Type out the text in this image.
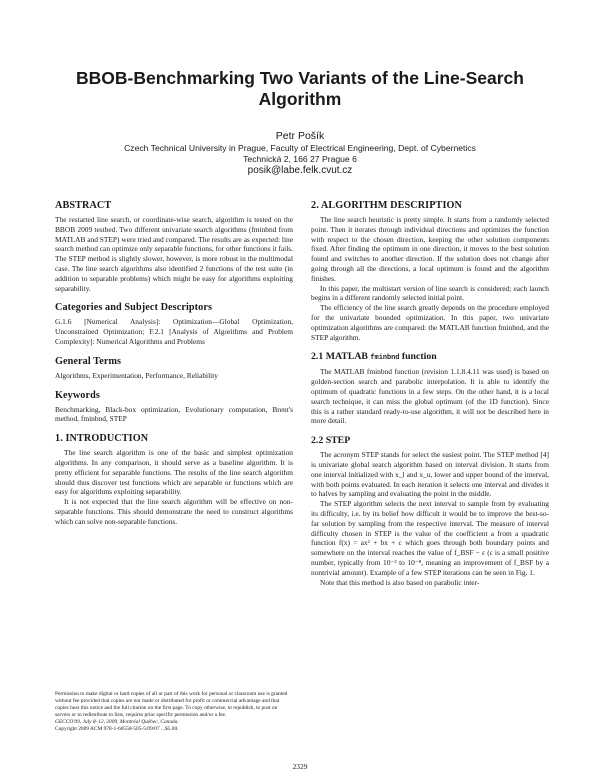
BBOB-Benchmarking Two Variants of the Line-Search Algorithm
Petr Pošík
Czech Technical University in Prague, Faculty of Electrical Engineering, Dept. of Cybernetics
Technická 2, 166 27 Prague 6
posik@labe.felk.cvut.cz
ABSTRACT

The restarted line search, or coordinate-wise search, algorithm is tested on the BBOB 2009 testbed. Two different univariate search algorithms (fminbnd from MATLAB and STEP) were tried and compared. The results are as expected: line search method can optimize only separable functions, for other functions it fails. The STEP method is slightly slower, however, is more robust in the multimodal case. The line search algorithms also identified 2 functions of the test suite (in addition to separable problems) which might be easy for algorithms exploiting separability.

Categories and Subject Descriptors

G.1.6 [Numerical Analysis]: Optimization—Global Optimization, Unconstrained Optimization; F.2.1 [Analysis of Algorithms and Problem Complexity]: Numerical Algorithms and Problems

General Terms

Algorithms, Experimentation, Performance, Reliability

Keywords

Benchmarking, Black-box optimization, Evolutionary computation, Brent's method, fminbnd, STEP

1. INTRODUCTION

The line search algorithm is one of the basic and simplest optimization algorithms. In any comparison, it should serve as a baseline algorithm. It is pretty efficient for separable functions. The results of the line search algorithm should thus discover test functions which are separable or functions which are easy for algorithms exploiting separability.

It is not expected that the line search algorithm will be effective on non-separable functions. This should demonstrate the need to construct algorithms which can solve non-separable functions.

Permission to make digital or hard copies of all or part of this work for personal or classroom use is granted without fee provided that copies are not made or distributed for profit or commercial advantage and that copies bear this notice and the full citation on the first page. To copy otherwise, to republish, to post on servers or to redistribute to lists, requires prior specific permission and/or a fee.
GECCO'09, July 8–12, 2009, Montréal Québec, Canada.
Copyright 2009 ACM 978-1-60558-505-5/09/07 ...$5.00.
2. ALGORITHM DESCRIPTION

The line search heuristic is pretty simple. It starts from a randomly selected point. Then it iterates through individual directions and optimizes the function with respect to the chosen direction, keeping the other solution components fixed. After finding the optimum in one direction, it moves to the best solution found and switches to another direction. If the solution does not change after going through all the directions, a local optimum is found and the algorithm finishes.

In this paper, the multistart version of line search is considered; each launch begins in a different randomly selected initial point.

The efficiency of the line search greatly depends on the procedure employed for the univariate bounded optimization. In this paper, two univariate optimization algorithms are compared: the MATLAB function fminbnd, and the STEP algorithm.

2.1 MATLAB fminbnd function

The MATLAB fminbnd function (revision 1.1.8.4.11 was used) is based on golden-section search and parabolic interpolation. It is able to identify the optimum of quadratic functions in a few steps. On the other hand, it is a local search technique, it can miss the global optimum (of the 1D function). Since this is a rather standard ready-to-use algorithm, it will not be described here in more detail.

2.2 STEP

The acronym STEP stands for select the easiest point. The STEP method [4] is univariate global search algorithm based on interval division. It starts from one interval initialized with x_l and x_u, lower and upper bound of the interval, with both points evaluated. In each iteration it selects one interval and divides it to halves by sampling and evaluating the point in the middle.

The STEP algorithm selects the next interval to sample from by evaluating its difficulty, i.e. by its belief how difficult it would be to improve the best-so-far solution by sampling from the respective interval. The measure of interval difficulty chosen in STEP is the value of the coefficient a from a quadratic function f(x) = ax² + bx + c which goes through both boundary points and somewhere on the interval reaches the value of f_BSF − ε (ε is a small positive number, typically from 10⁻³ to 10⁻⁸, meaning an improvement of f_BSF by a nontrivial amount). Example of a few STEP iterations can be seen in Fig. 1.

Note that this method is also based on parabolic inter-

2329
